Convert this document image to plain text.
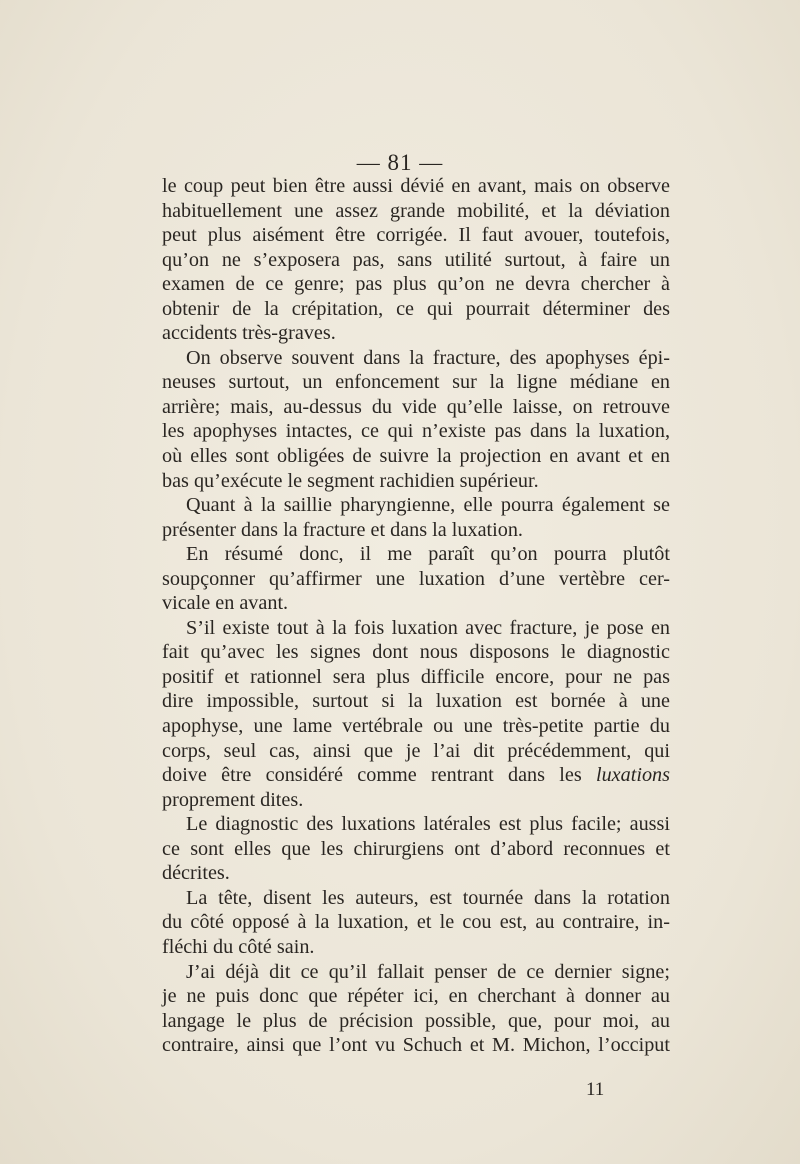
— 81 —
le coup peut bien être aussi dévié en avant, mais on observe
habituellement une assez grande mobilité, et la déviation
peut plus aisément être corrigée. Il faut avouer, toutefois,
qu’on ne s’exposera pas, sans utilité surtout, à faire un
examen de ce genre; pas plus qu’on ne devra chercher à
obtenir de la crépitation, ce qui pourrait déterminer des
accidents très-graves.
On observe souvent dans la fracture, des apophyses épi-
neuses surtout, un enfoncement sur la ligne médiane en
arrière; mais, au-dessus du vide qu’elle laisse, on retrouve
les apophyses intactes, ce qui n’existe pas dans la luxation,
où elles sont obligées de suivre la projection en avant et en
bas qu’exécute le segment rachidien supérieur.
Quant à la saillie pharyngienne, elle pourra également se
présenter dans la fracture et dans la luxation.
En résumé donc, il me paraît qu’on pourra plutôt
soupçonner qu’affirmer une luxation d’une vertèbre cer-
vicale en avant.
S’il existe tout à la fois luxation avec fracture, je pose en
fait qu’avec les signes dont nous disposons le diagnostic
positif et rationnel sera plus difficile encore, pour ne pas
dire impossible, surtout si la luxation est bornée à une
apophyse, une lame vertébrale ou une très-petite partie du
corps, seul cas, ainsi que je l’ai dit précédemment, qui
doive être considéré comme rentrant dans les luxations
proprement dites.
Le diagnostic des luxations latérales est plus facile; aussi
ce sont elles que les chirurgiens ont d’abord reconnues et
décrites.
La tête, disent les auteurs, est tournée dans la rotation
du côté opposé à la luxation, et le cou est, au contraire, in-
fléchi du côté sain.
J’ai déjà dit ce qu’il fallait penser de ce dernier signe;
je ne puis donc que répéter ici, en cherchant à donner au
langage le plus de précision possible, que, pour moi, au
contraire, ainsi que l’ont vu Schuch et M. Michon, l’occiput
11
